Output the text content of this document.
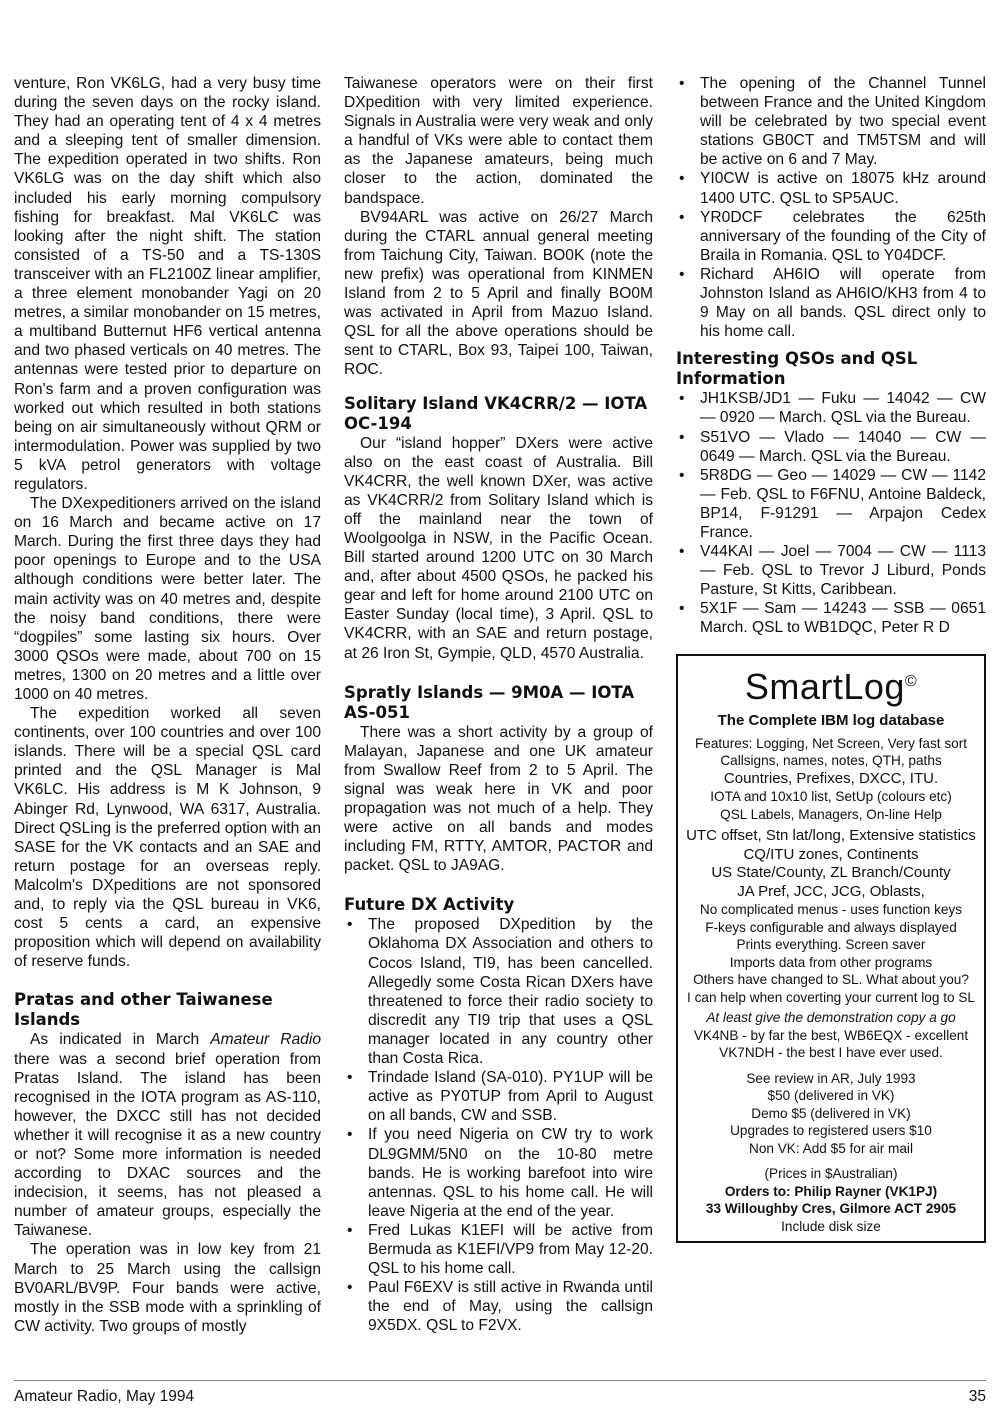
venture, Ron VK6LG, had a very busy time during the seven days on the rocky island. They had an operating tent of 4 x 4 metres and a sleeping tent of smaller dimension. The expedition operated in two shifts. Ron VK6LG was on the day shift which also included his early morning compulsory fishing for breakfast. Mal VK6LC was looking after the night shift. The station consisted of a TS-50 and a TS-130S transceiver with an FL2100Z linear amplifier, a three element monobander Yagi on 20 metres, a similar monobander on 15 metres, a multiband Butternut HF6 vertical antenna and two phased verticals on 40 metres. The antennas were tested prior to departure on Ron's farm and a proven configuration was worked out which resulted in both stations being on air simultaneously without QRM or intermodulation. Power was supplied by two 5 kVA petrol generators with voltage regulators.

The DXexpeditioners arrived on the island on 16 March and became active on 17 March. During the first three days they had poor openings to Europe and to the USA although conditions were better later. The main activity was on 40 metres and, despite the noisy band conditions, there were “dogpiles” some lasting six hours. Over 3000 QSOs were made, about 700 on 15 metres, 1300 on 20 metres and a little over 1000 on 40 metres.

The expedition worked all seven continents, over 100 countries and over 100 islands. There will be a special QSL card printed and the QSL Manager is Mal VK6LC. His address is M K Johnson, 9 Abinger Rd, Lynwood, WA 6317, Australia. Direct QSLing is the preferred option with an SASE for the VK contacts and an SAE and return postage for an overseas reply. Malcolm's DXpeditions are not sponsored and, to reply via the QSL bureau in VK6, cost 5 cents a card, an expensive proposition which will depend on availability of reserve funds.

Pratas and other Taiwanese Islands

As indicated in March Amateur Radio there was a second brief operation from Pratas Island. The island has been recognised in the IOTA program as AS-110, however, the DXCC still has not decided whether it will recognise it as a new country or not? Some more information is needed according to DXAC sources and the indecision, it seems, has not pleased a number of amateur groups, especially the Taiwanese.

The operation was in low key from 21 March to 25 March using the callsign BV0ARL/BV9P. Four bands were active, mostly in the SSB mode with a sprinkling of CW activity. Two groups of mostly

Taiwanese operators were on their first DXpedition with very limited experience. Signals in Australia were very weak and only a handful of VKs were able to contact them as the Japanese amateurs, being much closer to the action, dominated the bandspace.

BV94ARL was active on 26/27 March during the CTARL annual general meeting from Taichung City, Taiwan. BO0K (note the new prefix) was operational from KINMEN Island from 2 to 5 April and finally BO0M was activated in April from Mazuo Island. QSL for all the above operations should be sent to CTARL, Box 93, Taipei 100, Taiwan, ROC.

Solitary Island VK4CRR/2 — IOTA OC-194

Our “island hopper” DXers were active also on the east coast of Australia. Bill VK4CRR, the well known DXer, was active as VK4CRR/2 from Solitary Island which is off the mainland near the town of Woolgoolga in NSW, in the Pacific Ocean. Bill started around 1200 UTC on 30 March and, after about 4500 QSOs, he packed his gear and left for home around 2100 UTC on Easter Sunday (local time), 3 April. QSL to VK4CRR, with an SAE and return postage, at 26 Iron St, Gympie, QLD, 4570 Australia.

Spratly Islands — 9M0A — IOTA AS-051

There was a short activity by a group of Malayan, Japanese and one UK amateur from Swallow Reef from 2 to 5 April. The signal was weak here in VK and poor propagation was not much of a help. They were active on all bands and modes including FM, RTTY, AMTOR, PACTOR and packet. QSL to JA9AG.

Future DX Activity
• The proposed DXpedition by the Oklahoma DX Association and others to Cocos Island, TI9, has been cancelled. Allegedly some Costa Rican DXers have threatened to force their radio society to discredit any TI9 trip that uses a QSL manager located in any country other than Costa Rica.
• Trindade Island (SA-010). PY1UP will be active as PY0TUP from April to August on all bands, CW and SSB.
• If you need Nigeria on CW try to work DL9GMM/5N0 on the 10-80 metre bands. He is working barefoot into wire antennas. QSL to his home call. He will leave Nigeria at the end of the year.
• Fred Lukas K1EFI will be active from Bermuda as K1EFI/VP9 from May 12-20. QSL to his home call.
• Paul F6EXV is still active in Rwanda until the end of May, using the callsign 9X5DX. QSL to F2VX.
• The opening of the Channel Tunnel between France and the United Kingdom will be celebrated by two special event stations GB0CT and TM5TSM and will be active on 6 and 7 May.
• YI0CW is active on 18075 kHz around 1400 UTC. QSL to SP5AUC.
• YR0DCF celebrates the 625th anniversary of the founding of the City of Braila in Romania. QSL to Y04DCF.
• Richard AH6IO will operate from Johnston Island as AH6IO/KH3 from 4 to 9 May on all bands. QSL direct only to his home call.
Interesting QSOs and QSL Information
• JH1KSB/JD1 — Fuku — 14042 — CW — 0920 — March. QSL via the Bureau.
• S51VO — Vlado — 14040 — CW — 0649 — March. QSL via the Bureau.
• 5R8DG — Geo — 14029 — CW — 1142 — Feb. QSL to F6FNU, Antoine Baldeck, BP14, F-91291 — Arpajon Cedex France.
• V44KAI — Joel — 7004 — CW — 1113 — Feb. QSL to Trevor J Liburd, Ponds Pasture, St Kitts, Caribbean.
• 5X1F — Sam — 14243 — SSB — 0651 March. QSL to WB1DQC, Peter R D
SmartLog©
The Complete IBM log database
Features: Logging, Net Screen, Very fast sort
Callsigns, names, notes, QTH, paths
Countries, Prefixes, DXCC, ITU.
IOTA and 10x10 list, SetUp (colours etc)
QSL Labels, Managers, On-line Help
UTC offset, Stn lat/long, Extensive statistics
CQ/ITU zones, Continents
US State/County, ZL Branch/County
JA Pref, JCC, JCG, Oblasts,
No complicated menus - uses function keys
F-keys configurable and always displayed
Prints everything. Screen saver
Imports data from other programs
Others have changed to SL. What about you?
I can help when coverting your current log to SL
At least give the demonstration copy a go
VK4NB - by far the best, WB6EQX - excellent VK7NDH - the best I have ever used.
See review in AR, July 1993
$50 (delivered in VK)
Demo $5 (delivered in VK)
Upgrades to registered users $10
Non VK: Add $5 for air mail
(Prices in $Australian)
Orders to: Philip Rayner (VK1PJ)
33 Willoughby Cres, Gilmore ACT 2905
Include disk size
Amateur Radio, May 1994	35
